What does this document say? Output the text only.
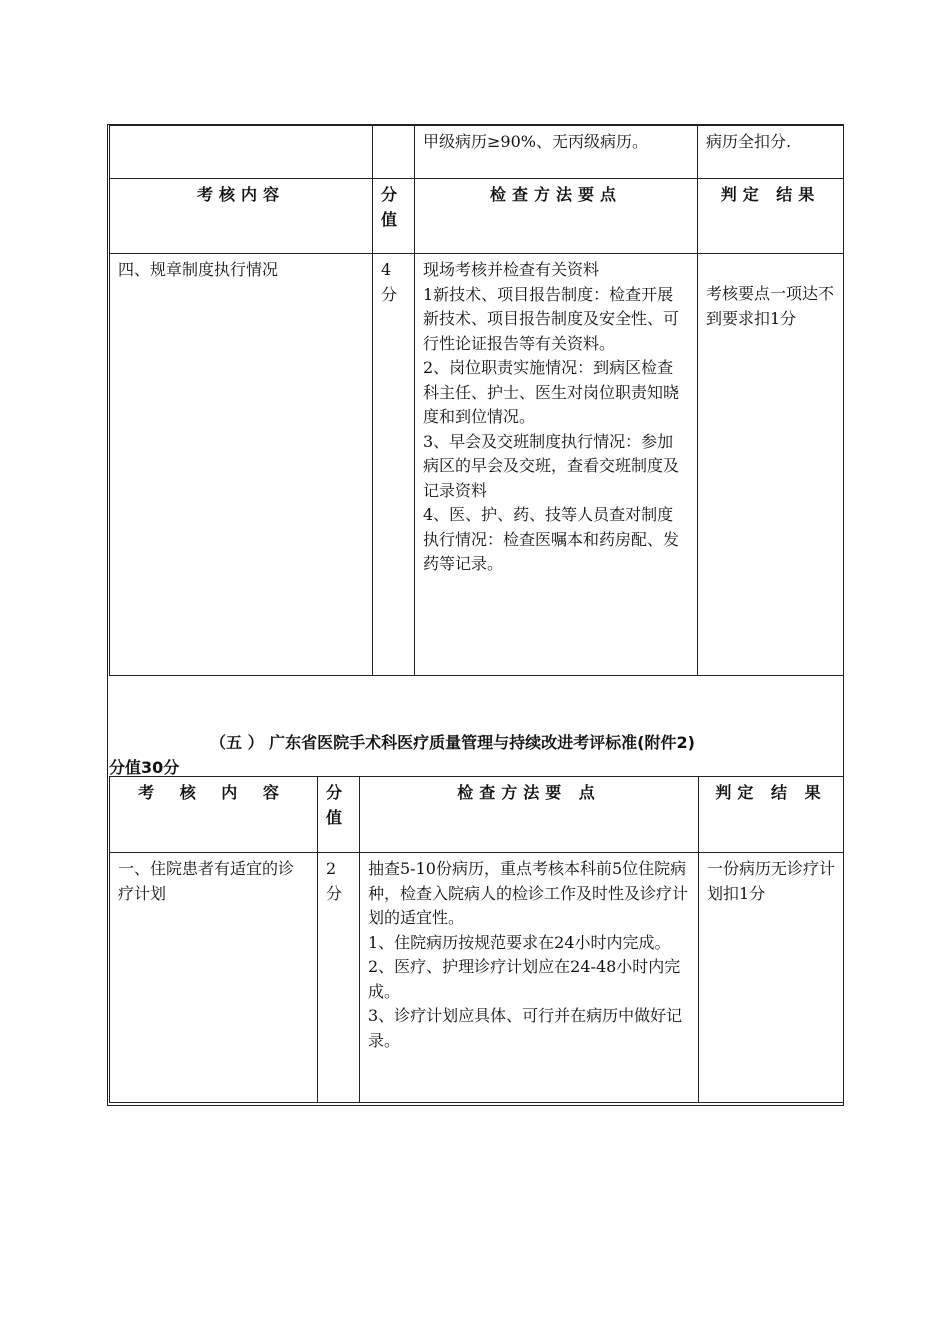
		甲级病历≥90%、无丙级病历。	病历全扣分.
考核内容	分值	检查方法要点	判定 结果
四、规章制度执行情况	4分	现场考核并检查有关资料
1新技术、项目报告制度：检查开展新技术、项目报告制度及安全性、可行性论证报告等有关资料。
2、岗位职责实施情况：到病区检查科主任、护士、医生对岗位职责知晓度和到位情况。
3、早会及交班制度执行情况：参加病区的早会及交班，查看交班制度及记录资料
4、医、护、药、技等人员查对制度执行情况：检查医嘱本和药房配、发药等记录。	考核要点一项达不到要求扣1分
（五 ） 广东省医院手术科医疗质量管理与持续改进考评标准(附件2)
分值30分
考 核 内 容	分值	检查方法要 点	判定 结 果
一、住院患者有适宜的诊疗计划	2分	抽查5-10份病历，重点考核本科前5位住院病种，检查入院病人的检诊工作及时性及诊疗计划的适宜性。
1、住院病历按规范要求在24小时内完成。
2、医疗、护理诊疗计划应在24-48小时内完成。
3、诊疗计划应具体、可行并在病历中做好记录。	一份病历无诊疗计划扣1分
